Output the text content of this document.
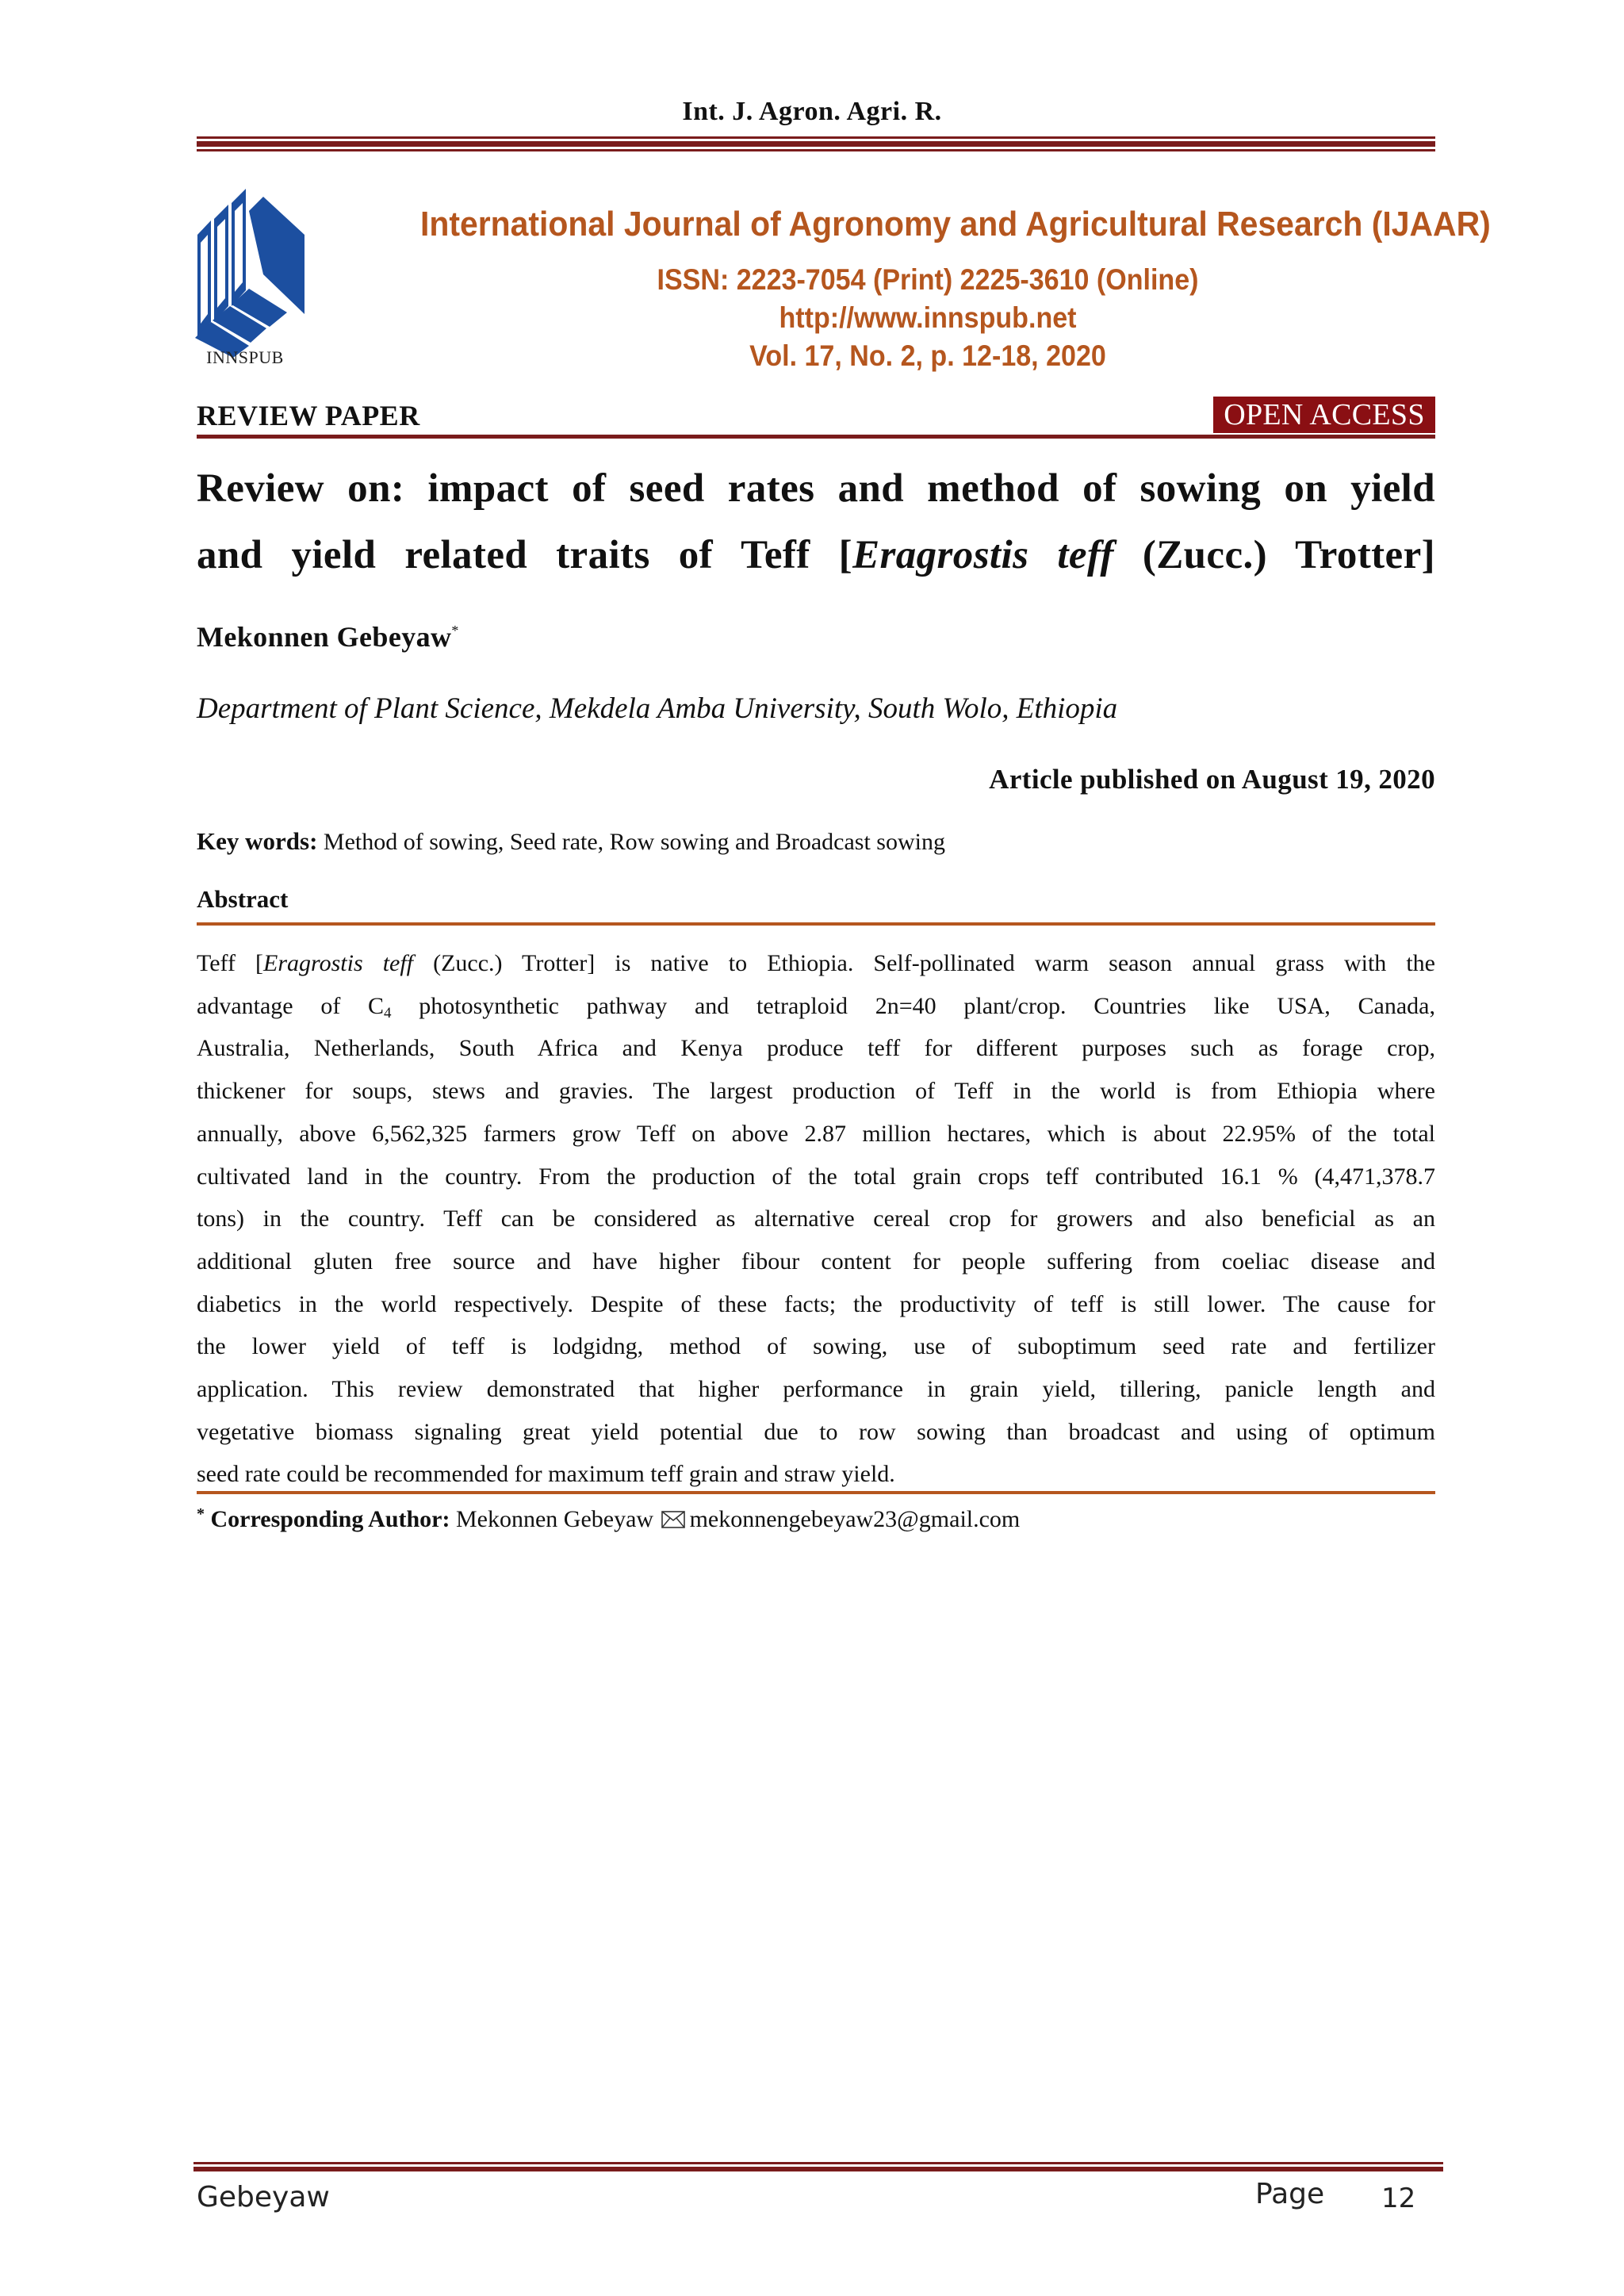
Int. J. Agron. Agri. R.
INNSPUB
International Journal of Agronomy and Agricultural Research (IJAAR)
ISSN: 2223-7054 (Print) 2225-3610 (Online)
http://www.innspub.net
Vol. 17, No. 2, p. 12-18, 2020
REVIEW PAPER	OPEN ACCESS
Review on: impact of seed rates and method of sowing on yield
and yield related traits of Teff [Eragrostis teff (Zucc.) Trotter]
Mekonnen Gebeyaw*
Department of Plant Science, Mekdela Amba University, South Wolo, Ethiopia
Article published on August 19, 2020
Key words: Method of sowing, Seed rate, Row sowing and Broadcast sowing
Abstract
Teff [Eragrostis teff (Zucc.) Trotter] is native to Ethiopia. Self-pollinated warm season annual grass with the
advantage of $C_4$ photosynthetic pathway and tetraploid 2n=40 plant/crop. Countries like USA, Canada,
Australia, Netherlands, South Africa and Kenya produce teff for different purposes such as forage crop,
thickener for soups, stews and gravies. The largest production of Teff in the world is from Ethiopia where
annually, above 6,562,325 farmers grow Teff on above 2.87 million hectares, which is about 22.95% of the total
cultivated land in the country. From the production of the total grain crops teff contributed 16.1 % (4,471,378.7
tons) in the country. Teff can be considered as alternative cereal crop for growers and also beneficial as an
additional gluten free source and have higher fibour content for people suffering from coeliac disease and
diabetics in the world respectively. Despite of these facts; the productivity of teff is still lower. The cause for
the lower yield of teff is lodgidng, method of sowing, use of suboptimum seed rate and fertilizer
application. This review demonstrated that higher performance in grain yield, tillering, panicle length and
vegetative biomass signaling great yield potential due to row sowing than broadcast and using of optimum
seed rate could be recommended for maximum teff grain and straw yield.
* Corresponding Author: Mekonnen Gebeyaw mekonnengebeyaw23@gmail.com
Gebeyaw	Page 12
